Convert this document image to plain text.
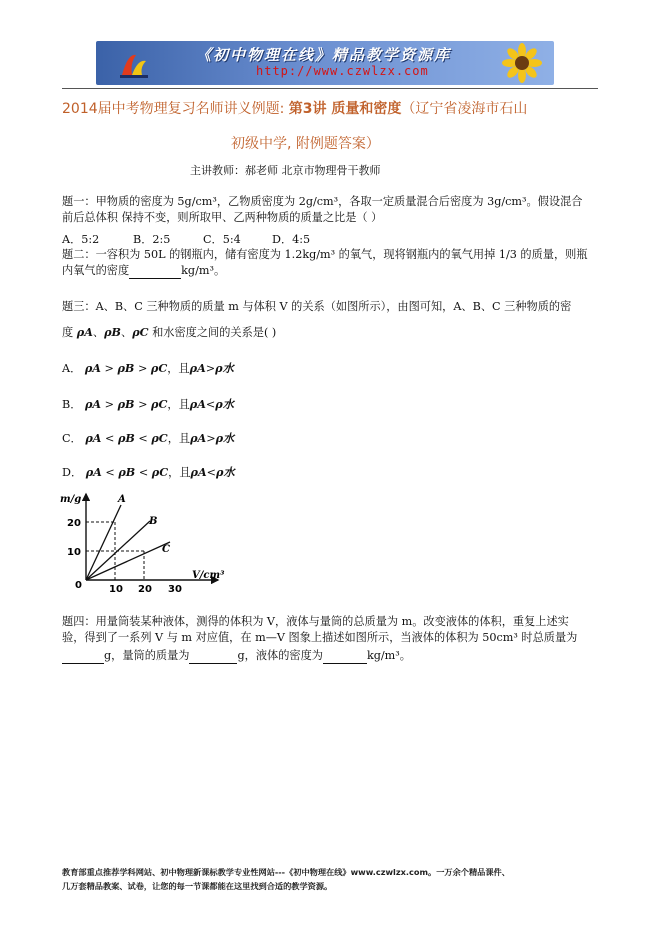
《初中物理在线》精品教学资源库
http://www.czwlzx.com
2014届中考物理复习名师讲义例题: 第3讲 质量和密度（辽宁省凌海市石山
初级中学, 附例题答案）
主讲教师：郝老师 北京市物理骨干教师
题一：甲物质的密度为 5g/cm³，乙物质密度为 2g/cm³，各取一定质量混合后密度为 3g/cm³。假设混合
前后总体积 保持不变，则所取甲、乙两种物质的质量之比是（ ）
A．5:2	B．2:5	C．5:4	D．4:5
题二：一容积为 50L 的钢瓶内，储有密度为 1.2kg/m³ 的氧气，现将钢瓶内的氧气用掉 1/3 的质量，则瓶
内氧气的密度	kg/m³。
题三：A、B、C 三种物质的质量 m 与体积 V 的关系（如图所示），由图可知，A、B、C 三种物质的密
度 ρA、ρB、ρC 和水密度之间的关系是( )
A． ρA > ρB > ρC，且ρA>ρ水
B． ρA > ρB > ρC，且ρA<ρ水
C． ρA < ρB < ρC，且ρA>ρ水
D． ρA < ρB < ρC，且ρA<ρ水
m/g
V/cm³
0
10
20
10 20 30
A
B
C
题四：用量筒装某种液体，测得的体积为 V，液体与量筒的总质量为 m。改变液体的体积，重复上述实
验，得到了一系列 V 与 m 对应值，在 m—V 图象上描述如图所示，当液体的体积为 50cm³ 时总质量为
g，量筒的质量为	g，液体的密度为	kg/m³。
教育部重点推荐学科网站、初中物理新课标教学专业性网站---《初中物理在线》www.czwlzx.com。一万余个精品课件、
几万套精品教案、试卷，让您的每一节课都能在这里找到合适的教学资源。
